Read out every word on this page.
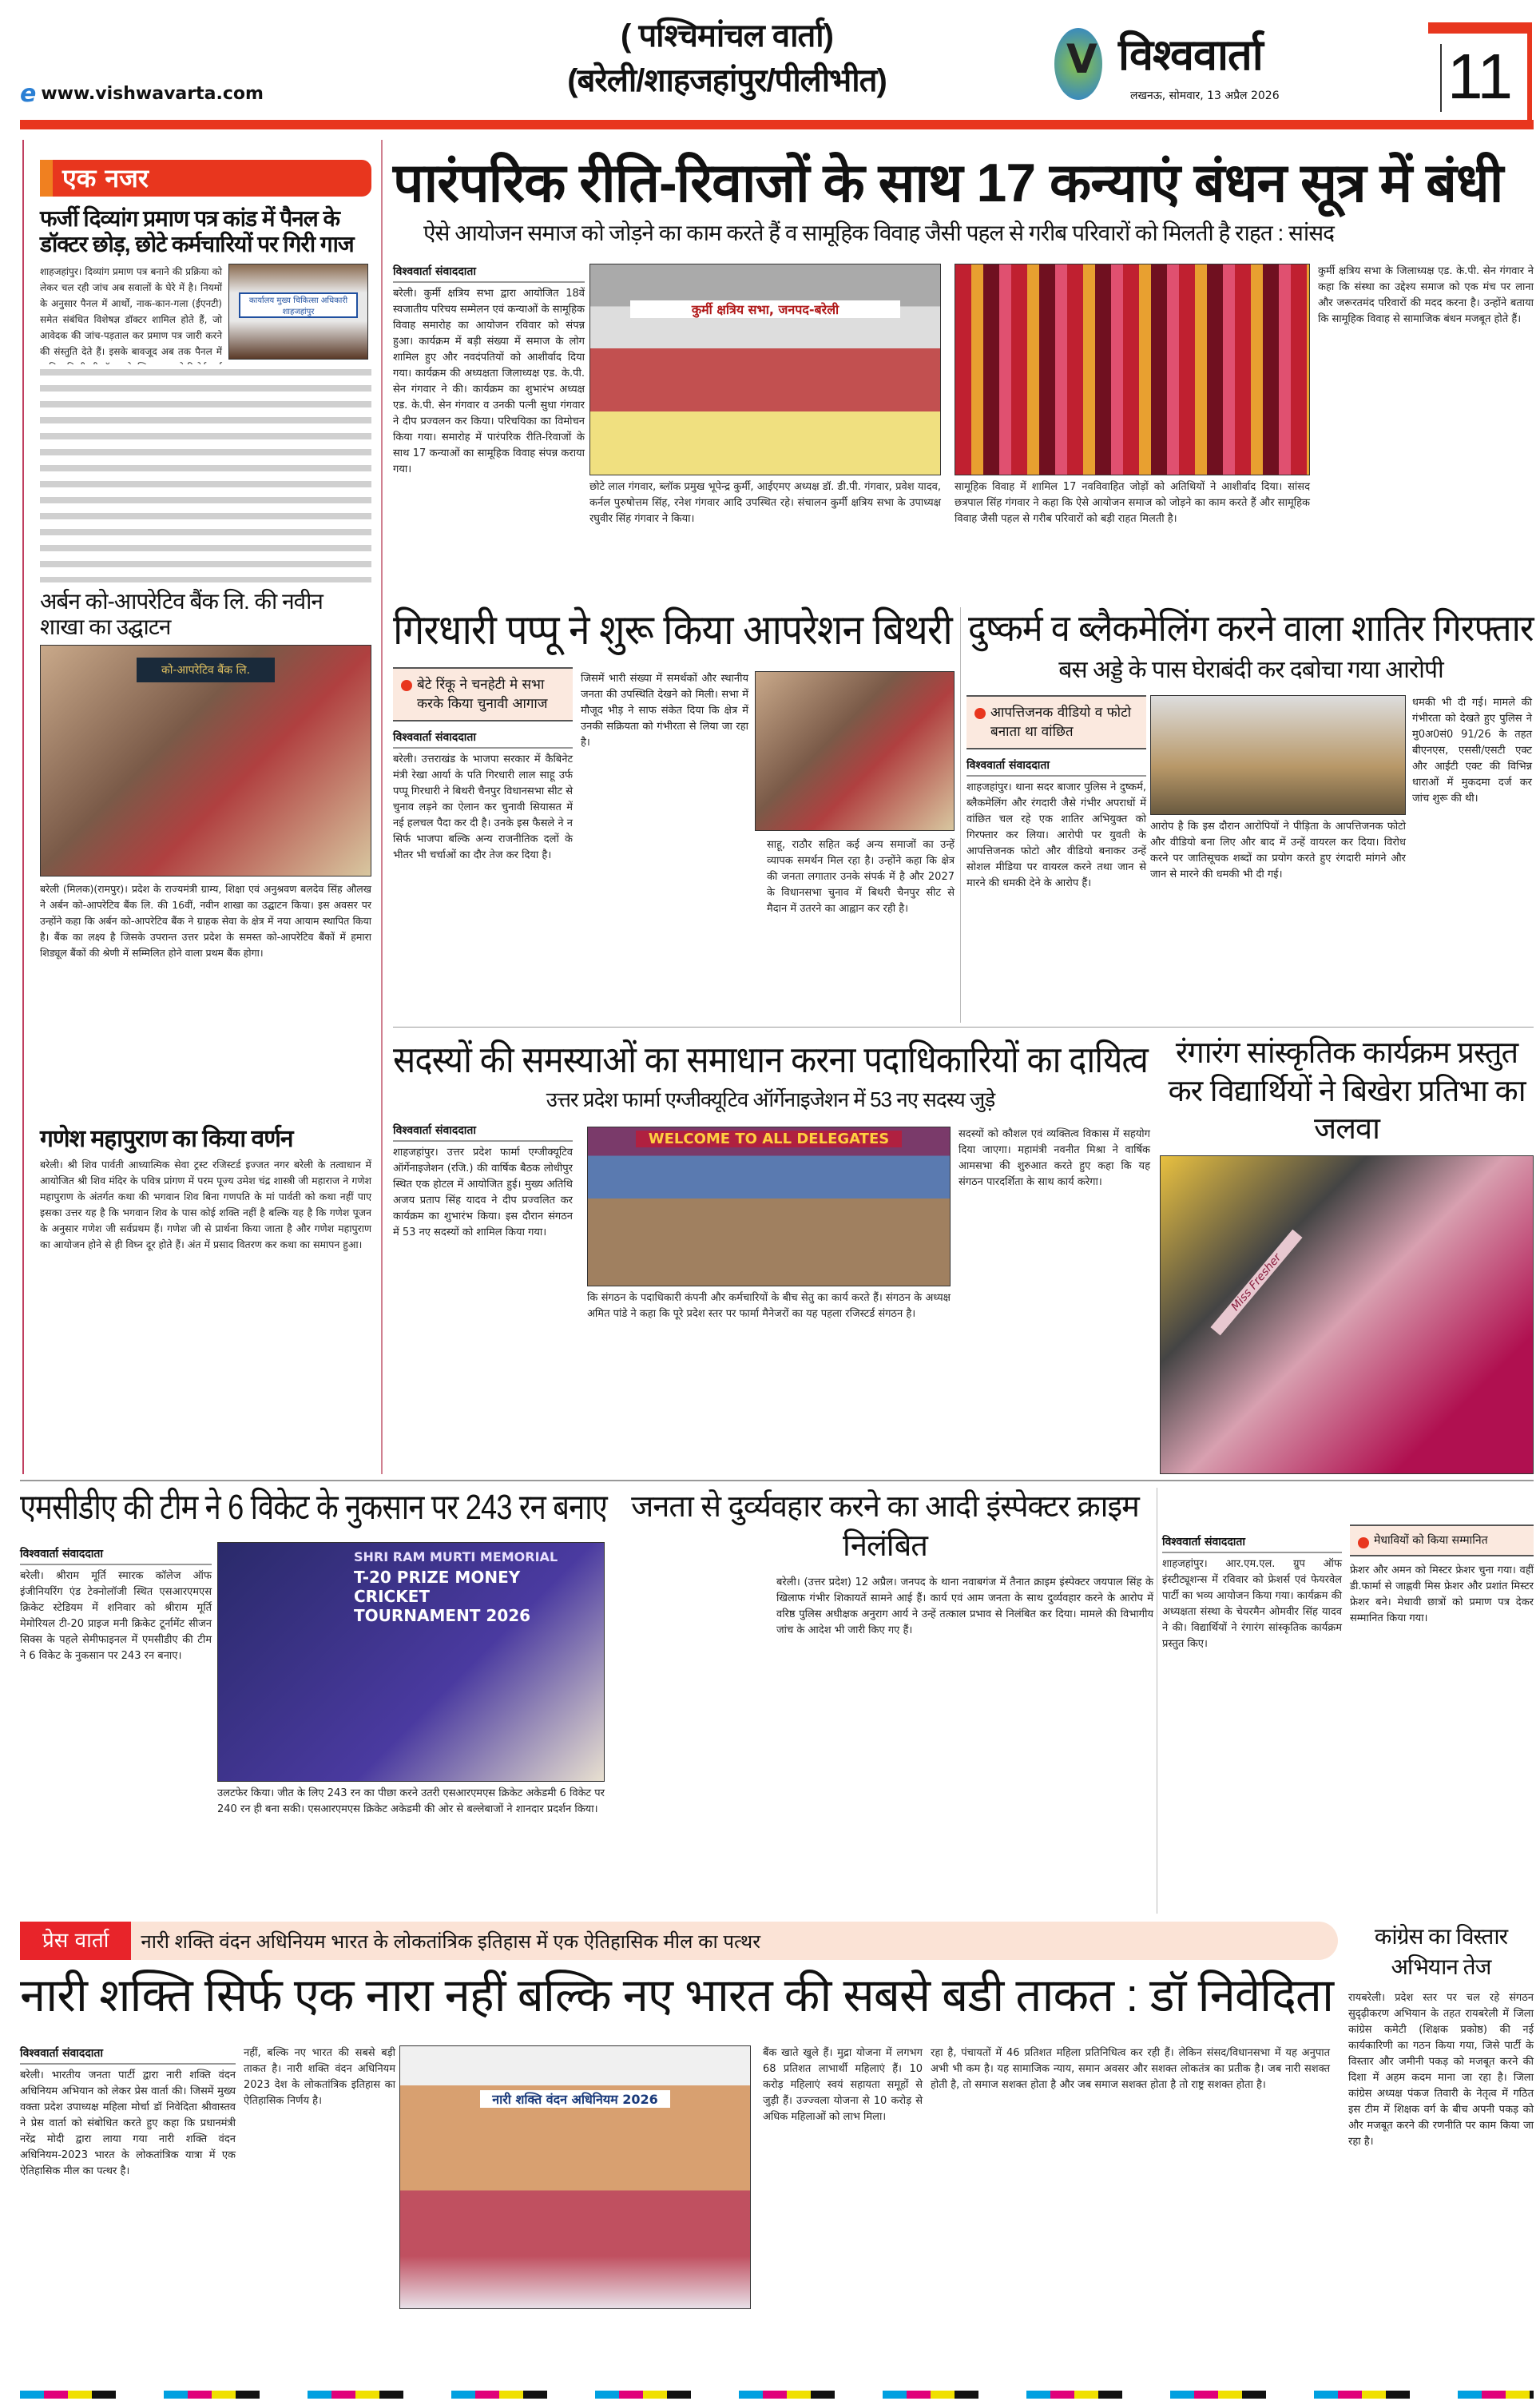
e www.vishwavarta.com
( पश्चिमांचल वार्ता)
(बरेली/शाहजहांपुर/पीलीभीत)	V विश्ववार्ता
लखनऊ, सोमवार, 13 अप्रैल 2026	11
एक नजर
फर्जी दिव्यांग प्रमाण पत्र कांड में पैनल के डॉक्टर छोड़, छोटे कर्मचारियों पर गिरी गाज
शाहजहांपुर। दिव्यांग प्रमाण पत्र बनाने की प्रक्रिया को लेकर चल रही जांच अब सवालों के घेरे में है। नियमों के अनुसार पैनल में आर्थो, नाक-कान-गला (ईएनटी) समेत संबंधित विशेषज्ञ डॉक्टर शामिल होते हैं, जो आवेदक की जांच-पड़ताल कर प्रमाण पत्र जारी करने की संस्तुति देते हैं। इसके बावजूद अब तक पैनल में
कार्यालय मुख्य चिकित्सा अधिकारी शाहजहांपुर
अर्बन को-आपरेटिव बैंक लि. की नवीन शाखा का उद्घाटन
को-आपरेटिव बैंक लि.
बरेली (मिलक)(रामपुर)। प्रदेश के राज्यमंत्री ग्राम्य, शिक्षा एवं अनुश्रवण बलदेव सिंह औलख ने अर्बन को-आपरेटिव बैंक लि. की 16वीं, नवीन शाखा का उद्घाटन किया। इस अवसर पर उन्होंने कहा कि अर्बन को-आपरेटिव बैंक ने ग्राहक सेवा के क्षेत्र में नया आयाम स्थापित किया है। बैंक का लक्ष्य है जिसके उपरान्त उत्तर प्रदेश के समस्त को-आपरेटिव बैंकों में हमारा शिड्यूल बैंकों की श्रेणी में सम्मिलित होने वाला प्रथम बैंक होगा।
गणेश महापुराण का किया वर्णन
बरेली। श्री शिव पार्वती आध्यात्मिक सेवा ट्रस्ट रजिस्टर्ड इज्जत नगर बरेली के तत्वाधान में आयोजित श्री शिव मंदिर के पवित्र प्रांगण में परम पूज्य उमेश चंद्र शास्त्री जी महाराज ने गणेश महापुराण के अंतर्गत कथा की भगवान शिव बिना गणपति के मां पार्वती को कथा नहीं पाए इसका उत्तर यह है कि भगवान शिव के पास कोई शक्ति नहीं है बल्कि यह है कि गणेश पूजन के अनुसार गणेश जी सर्वप्रथम हैं। गणेश जी से प्रार्थना किया जाता है और गणेश महापुराण का आयोजन होने से ही विघ्न दूर होते हैं। अंत में प्रसाद वितरण कर कथा का समापन हुआ।
पारंपरिक रीति-रिवाजों के साथ 17 कन्याएं बंधन सूत्र में बंधी
ऐसे आयोजन समाज को जोड़ने का काम करते हैं व सामूहिक विवाह जैसी पहल से गरीब परिवारों को मिलती है राहत : सांसद
विश्ववार्ता संवाददाता
बरेली। कुर्मी क्षत्रिय सभा द्वारा आयोजित 18वें स्वजातीय परिचय सम्मेलन एवं कन्याओं के सामूहिक विवाह समारोह का आयोजन रविवार को संपन्न हुआ। कार्यक्रम में बड़ी संख्या में समाज के लोग शामिल हुए और नवदंपतियों को आशीर्वाद दिया गया। कार्यक्रम की अध्यक्षता जिलाध्यक्ष एड. के.पी. सेन गंगवार ने की। कार्यक्रम का शुभारंभ अध्यक्ष एड. के.पी. सेन गंगवार व उनकी पत्नी सुधा गंगवार ने दीप प्रज्वलन कर किया। परिचयिका का विमोचन किया गया। समारोह में पारंपरिक रीति-रिवाजों के साथ 17 कन्याओं का सामूहिक विवाह संपन्न कराया गया।
कुर्मी क्षत्रिय सभा, जनपद-बरेली
छोटे लाल गंगवार, ब्लॉक प्रमुख भूपेन्द्र कुर्मी, आईएमए अध्यक्ष डॉ. डी.पी. गंगवार, प्रवेश यादव, कर्नल पुरुषोत्तम सिंह, रनेश गंगवार आदि उपस्थित रहे। संचालन कुर्मी क्षत्रिय सभा के उपाध्यक्ष रघुवीर सिंह गंगवार ने किया।
सामूहिक विवाह में शामिल 17 नवविवाहित जोड़ों को अतिथियों ने आशीर्वाद दिया। सांसद छत्रपाल सिंह गंगवार ने कहा कि ऐसे आयोजन समाज को जोड़ने का काम करते हैं और सामूहिक विवाह जैसी पहल से गरीब परिवारों को बड़ी राहत मिलती है।
कुर्मी क्षत्रिय सभा के जिलाध्यक्ष एड. के.पी. सेन गंगवार ने कहा कि संस्था का उद्देश्य समाज को एक मंच पर लाना और जरूरतमंद परिवारों की मदद करना है। उन्होंने बताया कि सामूहिक विवाह से सामाजिक बंधन मजबूत होते हैं।
गिरधारी पप्पू ने शुरू किया आपरेशन बिथरी
बेटे रिंकू ने चनहेटी मे सभा करके किया चुनावी आगाज
विश्ववार्ता संवाददाता
बरेली। उत्तराखंड के भाजपा सरकार में कैबिनेट मंत्री रेखा आर्या के पति गिरधारी लाल साहू उर्फ पप्पू गिरधारी ने बिथरी चैनपुर विधानसभा सीट से चुनाव लड़ने का ऐलान कर चुनावी सियासत में नई हलचल पैदा कर दी है। उनके इस फैसले ने न सिर्फ भाजपा बल्कि अन्य राजनीतिक दलों के भीतर भी चर्चाओं का दौर तेज कर दिया है।
जिसमें भारी संख्या में समर्थकों और स्थानीय जनता की उपस्थिति देखने को मिली। सभा में मौजूद भीड़ ने साफ संकेत दिया कि क्षेत्र में उनकी सक्रियता को गंभीरता से लिया जा रहा है।
साहू, राठौर सहित कई अन्य समाजों का उन्हें व्यापक समर्थन मिल रहा है। उन्होंने कहा कि क्षेत्र की जनता लगातार उनके संपर्क में है और 2027 के विधानसभा चुनाव में बिथरी चैनपुर सीट से मैदान में उतरने का आह्वान कर रही है।
दुष्कर्म व ब्लैकमेलिंग करने वाला शातिर गिरफ्तार
बस अड्डे के पास घेराबंदी कर दबोचा गया आरोपी
आपत्तिजनक वीडियो व फोटो बनाता था वांछित
विश्ववार्ता संवाददाता
शाहजहांपुर। थाना सदर बाजार पुलिस ने दुष्कर्म, ब्लैकमेलिंग और रंगदारी जैसे गंभीर अपराधों में वांछित चल रहे एक शातिर अभियुक्त को गिरफ्तार कर लिया। आरोपी पर युवती के आपत्तिजनक फोटो और वीडियो बनाकर उन्हें सोशल मीडिया पर वायरल करने तथा जान से मारने की धमकी देने के आरोप हैं।
आरोप है कि इस दौरान आरोपियों ने पीड़िता के आपत्तिजनक फोटो और वीडियो बना लिए और बाद में उन्हें वायरल कर दिया। विरोध करने पर जातिसूचक शब्दों का प्रयोग करते हुए रंगदारी मांगने और जान से मारने की धमकी भी दी गई।
धमकी भी दी गई। मामले की गंभीरता को देखते हुए पुलिस ने मु0अ0सं0 91/26 के तहत बीएनएस, एससी/एसटी एक्ट और आईटी एक्ट की विभिन्न धाराओं में मुकदमा दर्ज कर जांच शुरू की थी।
सदस्यों की समस्याओं का समाधान करना पदाधिकारियों का दायित्व
उत्तर प्रदेश फार्मा एग्जीक्यूटिव ऑर्गेनाइजेशन में 53 नए सदस्य जुड़े
विश्ववार्ता संवाददाता
शाहजहांपुर। उत्तर प्रदेश फार्मा एग्जीक्यूटिव ऑर्गेनाइजेशन (रजि.) की वार्षिक बैठक लोधीपुर स्थित एक होटल में आयोजित हुई। मुख्य अतिथि अजय प्रताप सिंह यादव ने दीप प्रज्वलित कर कार्यक्रम का शुभारंभ किया। इस दौरान संगठन में 53 नए सदस्यों को शामिल किया गया।
WELCOME TO ALL DELEGATES
कि संगठन के पदाधिकारी कंपनी और कर्मचारियों के बीच सेतु का कार्य करते हैं। संगठन के अध्यक्ष अमित पांडे ने कहा कि पूरे प्रदेश स्तर पर फार्मा मैनेजरों का यह पहला रजिस्टर्ड संगठन है।
सदस्यों को कौशल एवं व्यक्तित्व विकास में सहयोग दिया जाएगा। महामंत्री नवनीत मिश्रा ने वार्षिक आमसभा की शुरुआत करते हुए कहा कि यह संगठन पारदर्शिता के साथ कार्य करेगा।
रंगारंग सांस्कृतिक कार्यक्रम प्रस्तुत कर विद्यार्थियों ने बिखेरा प्रतिभा का जलवा
Miss Fresher
एमसीडीए की टीम ने 6 विकेट के नुकसान पर 243 रन बनाए
विश्ववार्ता संवाददाता
बरेली। श्रीराम मूर्ति स्मारक कॉलेज ऑफ इंजीनियरिंग एंड टेक्नोलॉजी स्थित एसआरएमएस क्रिकेट स्टेडियम में शनिवार को श्रीराम मूर्ति मेमोरियल टी-20 प्राइज मनी क्रिकेट टूर्नामेंट सीजन सिक्स के पहले सेमीफाइनल में एमसीडीए की टीम ने 6 विकेट के नुकसान पर 243 रन बनाए।
SHRI RAM MURTI MEMORIAL
T-20 PRIZE MONEY CRICKET TOURNAMENT 2026
उलटफेर किया। जीत के लिए 243 रन का पीछा करने उतरी एसआरएमएस क्रिकेट अकेडमी 6 विकेट पर 240 रन ही बना सकी। एसआरएमएस क्रिकेट अकेडमी की ओर से बल्लेबाजों ने शानदार प्रदर्शन किया।
जनता से दुर्व्यवहार करने का आदी इंस्पेक्टर क्राइम निलंबित
बरेली। (उत्तर प्रदेश) 12 अप्रैल। जनपद के थाना नवाबगंज में तैनात क्राइम इंस्पेक्टर जयपाल सिंह के खिलाफ गंभीर शिकायतें सामने आई हैं। कार्य एवं आम जनता के साथ दुर्व्यवहार करने के आरोप में वरिष्ठ पुलिस अधीक्षक अनुराग आर्य ने उन्हें तत्काल प्रभाव से निलंबित कर दिया। मामले की विभागीय जांच के आदेश भी जारी किए गए हैं।
विश्ववार्ता संवाददाता
शाहजहांपुर। आर.एम.एल. ग्रुप ऑफ इंस्टीट्यूशन्स में रविवार को फ्रेशर्स एवं फेयरवेल पार्टी का भव्य आयोजन किया गया। कार्यक्रम की अध्यक्षता संस्था के चेयरमैन ओमवीर सिंह यादव ने की। विद्यार्थियों ने रंगारंग सांस्कृतिक कार्यक्रम प्रस्तुत किए।
मेधावियों को किया सम्मानित
फ्रेशर और अमन को मिस्टर फ्रेशर चुना गया। वहीं डी.फार्मा से जाह्नवी मिस फ्रेशर और प्रशांत मिस्टर फ्रेशर बने। मेधावी छात्रों को प्रमाण पत्र देकर सम्मानित किया गया।
प्रेस वार्ता	नारी शक्ति वंदन अधिनियम भारत के लोकतांत्रिक इतिहास में एक ऐतिहासिक मील का पत्थर
नारी शक्ति सिर्फ एक नारा नहीं बल्कि नए भारत की सबसे बडी ताकत : डॉ निवेदिता
विश्ववार्ता संवाददाता
बरेली। भारतीय जनता पार्टी द्वारा नारी शक्ति वंदन अधिनियम अभियान को लेकर प्रेस वार्ता की। जिसमें मुख्य वक्ता प्रदेश उपाध्यक्ष महिला मोर्चा डॉ निवेदिता श्रीवास्तव ने प्रेस वार्ता को संबोधित करते हुए कहा कि प्रधानमंत्री नरेंद्र मोदी द्वारा लाया गया नारी शक्ति वंदन अधिनियम-2023 भारत के लोकतांत्रिक यात्रा में एक ऐतिहासिक मील का पत्थर है।
नहीं, बल्कि नए भारत की सबसे बड़ी ताकत है। नारी शक्ति वंदन अधिनियम 2023 देश के लोकतांत्रिक इतिहास का ऐतिहासिक निर्णय है।	नारी शक्ति वंदन अधिनियम 2026
बैंक खाते खुले हैं। मुद्रा योजना में लगभग 68 प्रतिशत लाभार्थी महिलाएं हैं। 10 करोड़ महिलाएं स्वयं सहायता समूहों से जुड़ी हैं। उज्ज्वला योजना से 10 करोड़ से अधिक महिलाओं को लाभ मिला।
रहा है, पंचायतों में 46 प्रतिशत महिला प्रतिनिधित्व कर रही हैं। लेकिन संसद/विधानसभा में यह अनुपात अभी भी कम है। यह सामाजिक न्याय, समान अवसर और सशक्त लोकतंत्र का प्रतीक है। जब नारी सशक्त होती है, तो समाज सशक्त होता है और जब समाज सशक्त होता है तो राष्ट्र सशक्त होता है।
कांग्रेस का विस्तार अभियान तेज
रायबरेली। प्रदेश स्तर पर चल रहे संगठन सुदृढ़ीकरण अभियान के तहत रायबरेली में जिला कांग्रेस कमेटी (शिक्षक प्रकोष्ठ) की नई कार्यकारिणी का गठन किया गया, जिसे पार्टी के विस्तार और जमीनी पकड़ को मजबूत करने की दिशा में अहम कदम माना जा रहा है। जिला कांग्रेस अध्यक्ष पंकज तिवारी के नेतृत्व में गठित इस टीम में शिक्षक वर्ग के बीच अपनी पकड़ को और मजबूत करने की रणनीति पर काम किया जा रहा है।
